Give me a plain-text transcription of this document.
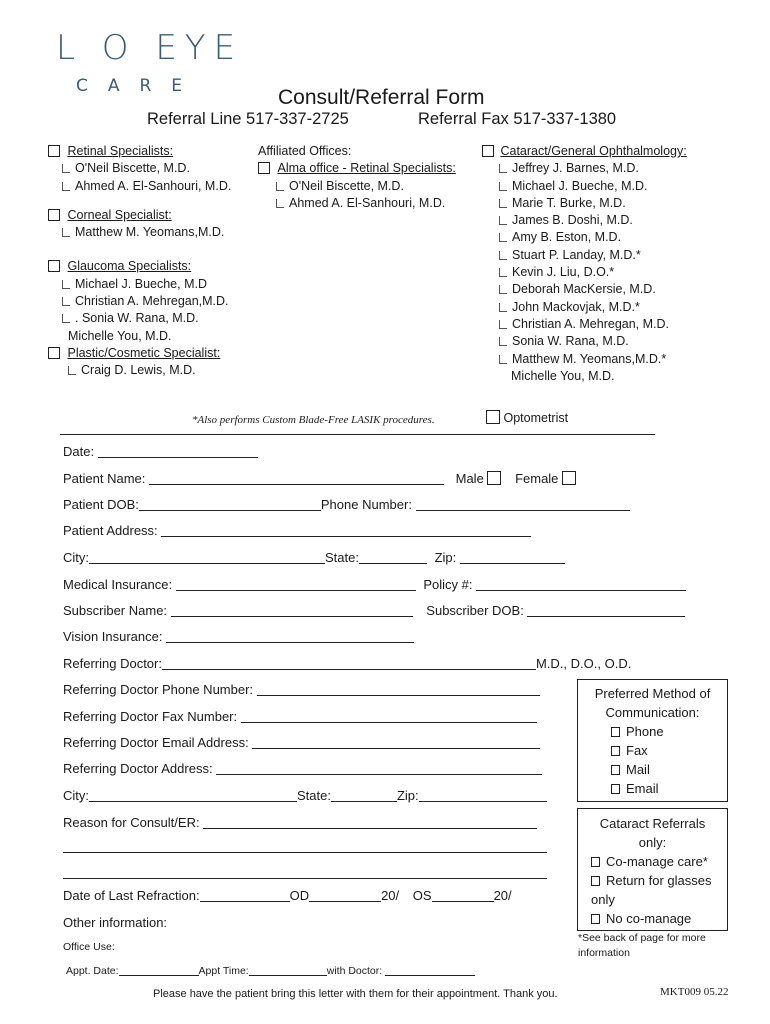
L O EYE
CARE	Consult/Referral Form
Referral Line 517-337-2725	Referral Fax 517-337-1380
Retinal Specialists:
O'Neil Biscette, M.D.
Ahmed A. El-Sanhouri, M.D.
Corneal Specialist:
Matthew M. Yeomans,M.D.
Glaucoma Specialists:
Michael J. Bueche, M.D
Christian A. Mehregan,M.D.
. Sonia W. Rana, M.D.
Michelle You, M.D.
Plastic/Cosmetic Specialist:
Craig D. Lewis, M.D.
Affiliated Offices:
Alma office - Retinal Specialists:
O'Neil Biscette, M.D.
Ahmed A. El-Sanhouri, M.D.
Cataract/General Ophthalmology:
Jeffrey J. Barnes, M.D.
Michael J. Bueche, M.D.
Marie T. Burke, M.D.
James B. Doshi, M.D.
Amy B. Eston, M.D.
Stuart P. Landay, M.D.*
Kevin J. Liu, D.O.*
Deborah MacKersie, M.D.
John Mackovjak, M.D.*
Christian A. Mehregan, M.D.
Sonia W. Rana, M.D.
Matthew M. Yeomans,M.D.*
Michelle You, M.D.
*Also performs Custom Blade-Free LASIK procedures.	Optometrist
Date:
Patient Name:	Male Female
Patient DOB:	Phone Number:
Patient Address:
City:	State:	Zip:
Medical Insurance:	Policy #:
Subscriber Name:	Subscriber DOB:
Vision Insurance:
Referring Doctor:	M.D., D.O., O.D.
Referring Doctor Phone Number:
Referring Doctor Fax Number:
Referring Doctor Email Address:
Referring Doctor Address:
City:	State:	Zip:
Reason for Consult/ER:
Date of Last Refraction:	OD	20/ OS	20/
Other information:
Preferred Method of Communication:
Phone
Fax
Mail
Email
Cataract Referrals only:
Co-manage care*
Return for glasses only
No co-manage
*See back of page for more information
Office Use:
Appt. Date:	Appt Time:	with Doctor:
Please have the patient bring this letter with them for their appointment. Thank you.	MKT009 05.22
